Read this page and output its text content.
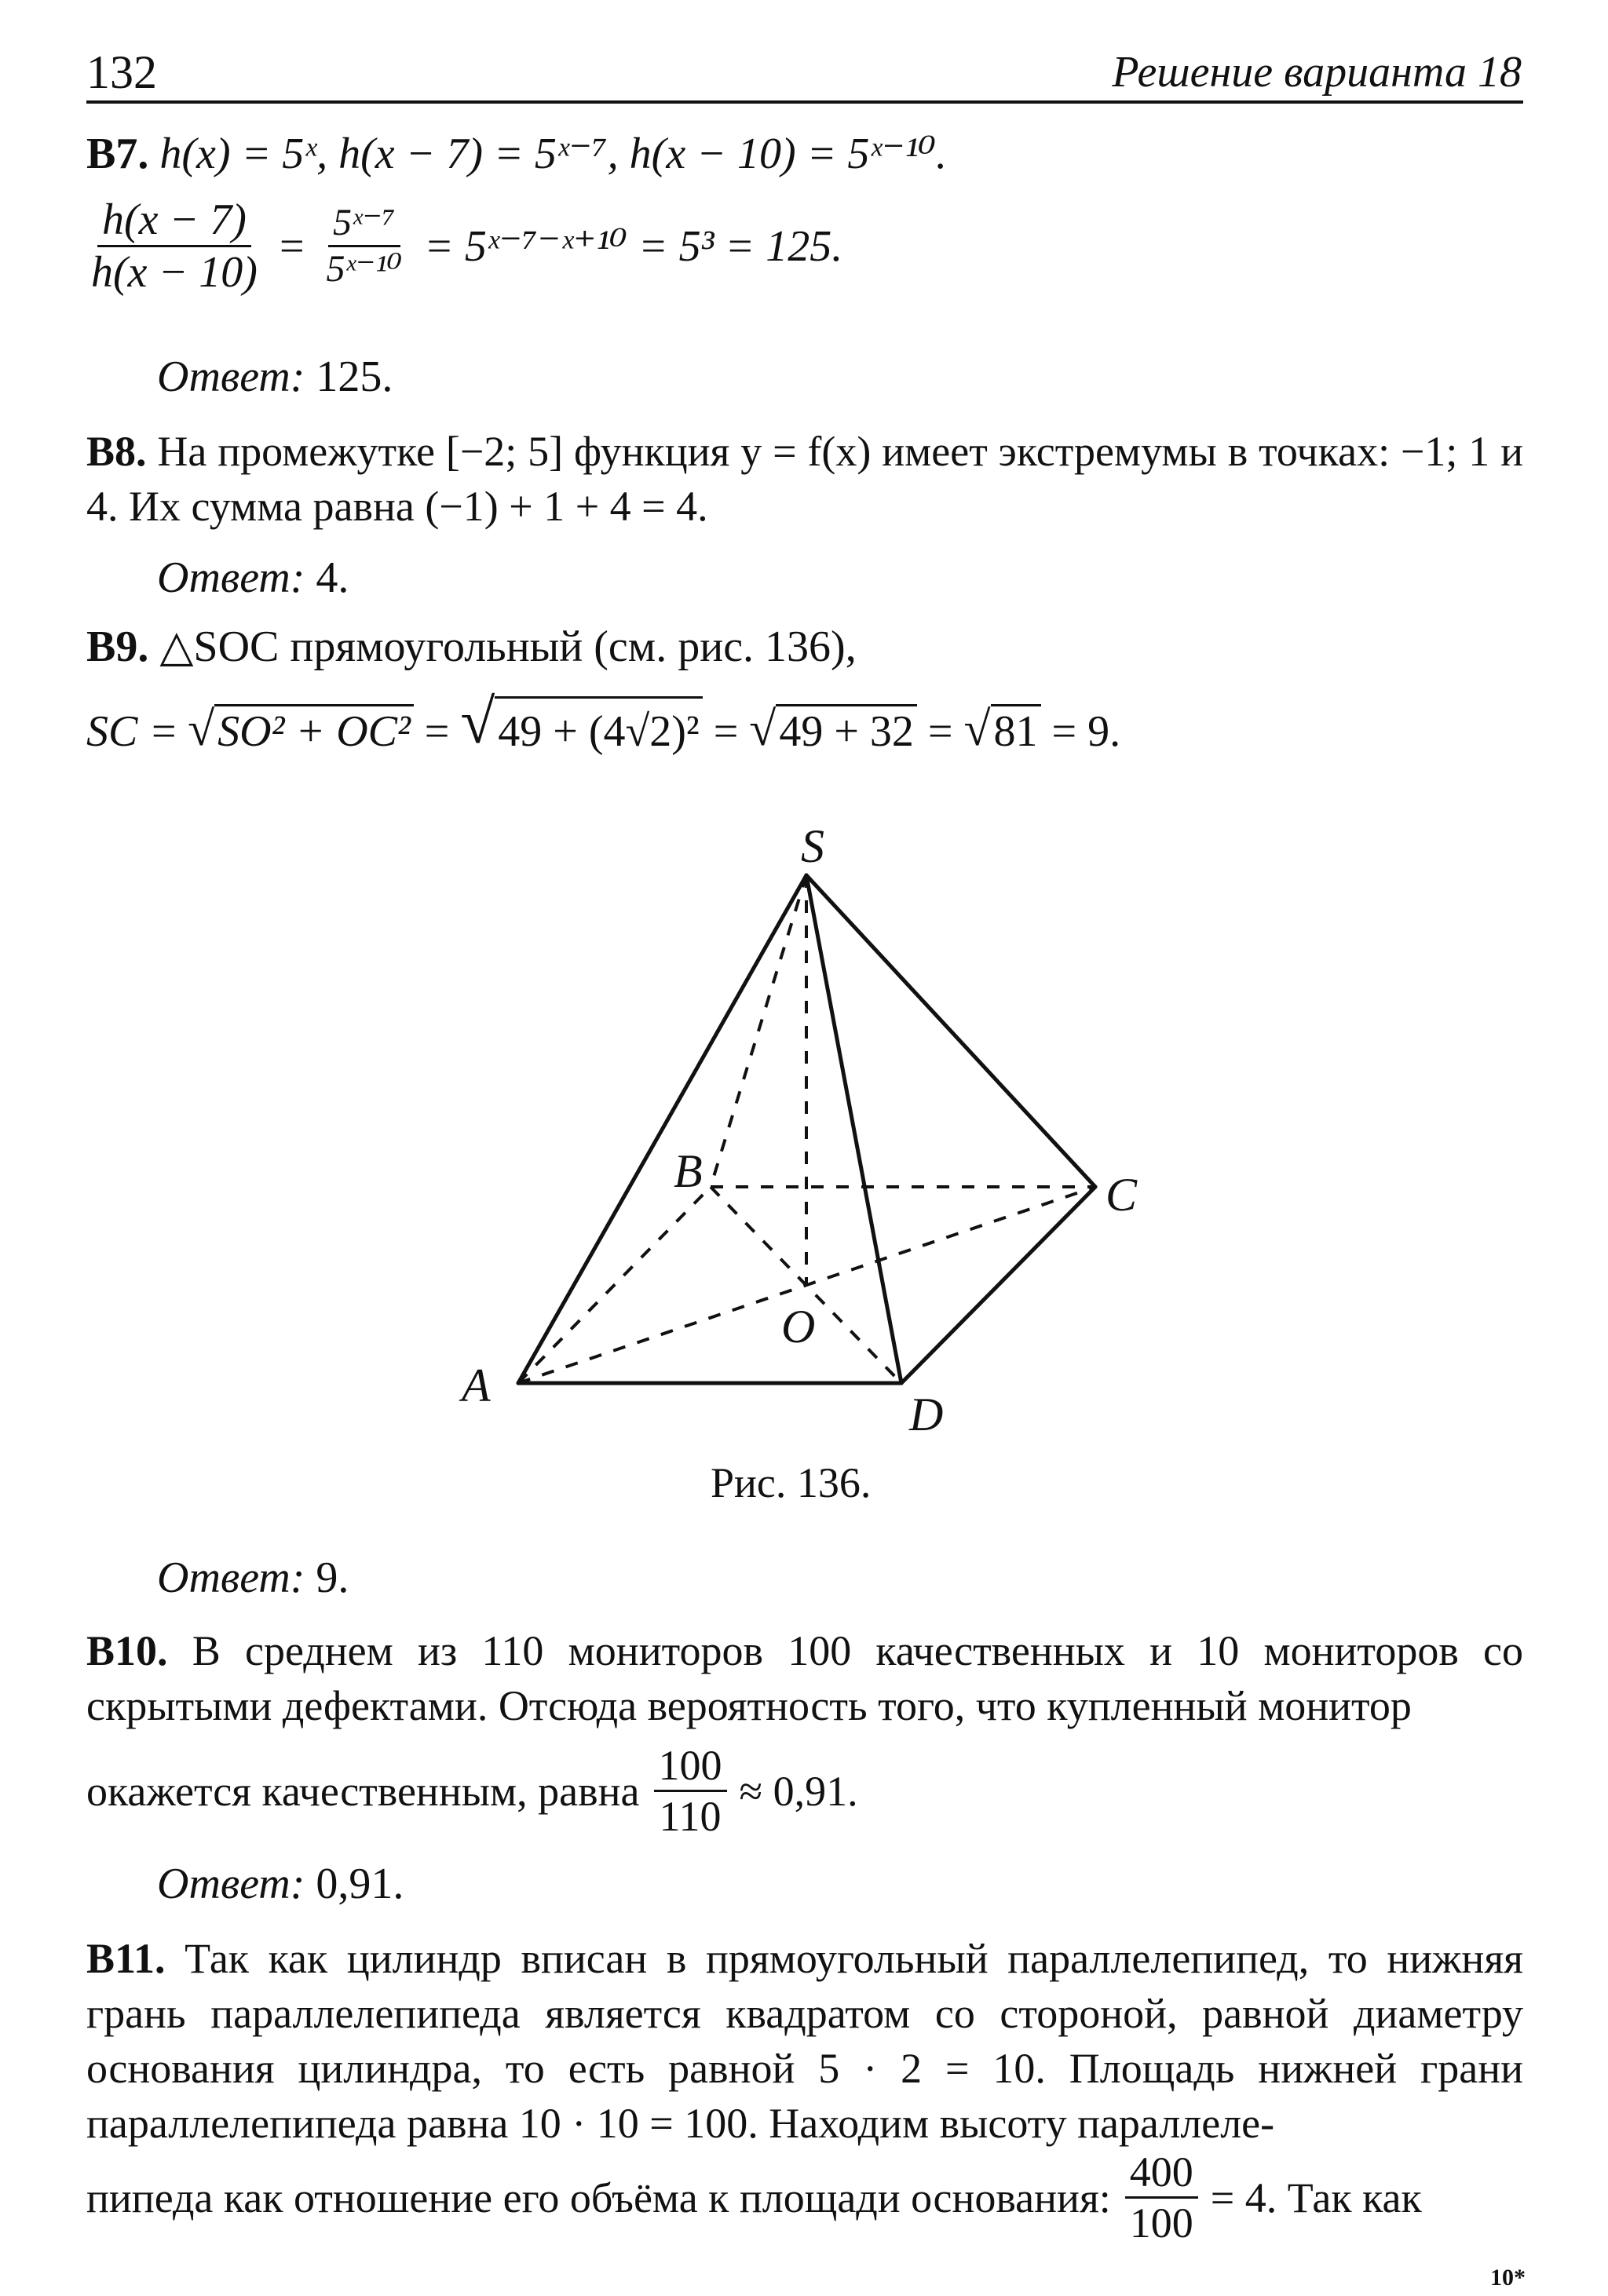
132	Решение варианта 18
B7. h(x) = 5ˣ, h(x − 7) = 5ˣ⁻⁷, h(x − 10) = 5ˣ⁻¹⁰.
$\frac{h(x - 7)}{h(x - 10)} = \frac{\text{5ˣ⁻⁷}}{\text{5ˣ⁻¹⁰}}$ = 5ˣ⁻⁷⁻ˣ⁺¹⁰ = 5³ = 125.
Ответ: 125.
B8. На промежутке [−2; 5] функция y = f(x) имеет экстремумы в точках: −1; 1 и 4. Их сумма равна (−1) + 1 + 4 = 4.
Ответ: 4.
B9. △SOC прямоугольный (см. рис. 136),
SC = √ SO² + OC² = √ 49 + (4√2)² = √ 49 + 32 = √ 81 = 9.
S
B	C
O
A
D
Рис. 136.
Ответ: 9.
B10. В среднем из 110 мониторов 100 качественных и 10 мониторов со скрытыми дефектами. Отсюда вероятность того, что купленный монитор
окажется качественным, равна $\frac{100}{110} \approx 0,91$.
Ответ: 0,91.
B11. Так как цилиндр вписан в прямоугольный параллелепипед, то нижняя грань параллелепипеда является квадратом со стороной, равной диаметру основания цилиндра, то есть равной 5 · 2 = 10. Площадь нижней грани параллелепипеда равна 10 · 10 = 100. Находим высоту параллеле-
пипеда как отношение его объёма к площади основания: $\frac{400}{100} = 4$. Так как
10*
